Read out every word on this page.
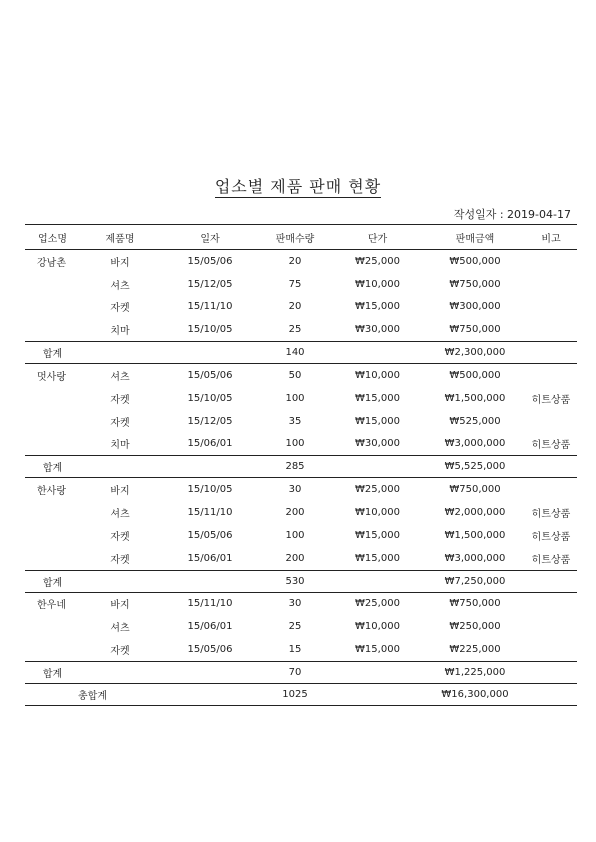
업소별 제품 판매 현황
작성일자 : 2019-04-17
업소명	제품명	일자	판매수량	단가	판매금액	비고
강남촌	바지	15/05/06	20	₩25,000	₩500,000	
	셔츠	15/12/05	75	₩10,000	₩750,000	
	자켓	15/11/10	20	₩15,000	₩300,000	
	치마	15/10/05	25	₩30,000	₩750,000	
합계			140		₩2,300,000	
멋사랑	셔츠	15/05/06	50	₩10,000	₩500,000	
	자켓	15/10/05	100	₩15,000	₩1,500,000	히트상품
	자켓	15/12/05	35	₩15,000	₩525,000	
	치마	15/06/01	100	₩30,000	₩3,000,000	히트상품
합계			285		₩5,525,000	
한사랑	바지	15/10/05	30	₩25,000	₩750,000	
	셔츠	15/11/10	200	₩10,000	₩2,000,000	히트상품
	자켓	15/05/06	100	₩15,000	₩1,500,000	히트상품
	자켓	15/06/01	200	₩15,000	₩3,000,000	히트상품
합계			530		₩7,250,000	
한우네	바지	15/11/10	30	₩25,000	₩750,000	
	셔츠	15/06/01	25	₩10,000	₩250,000	
	자켓	15/05/06	15	₩15,000	₩225,000	
합계			70		₩1,225,000	
총합계			1025		₩16,300,000	
